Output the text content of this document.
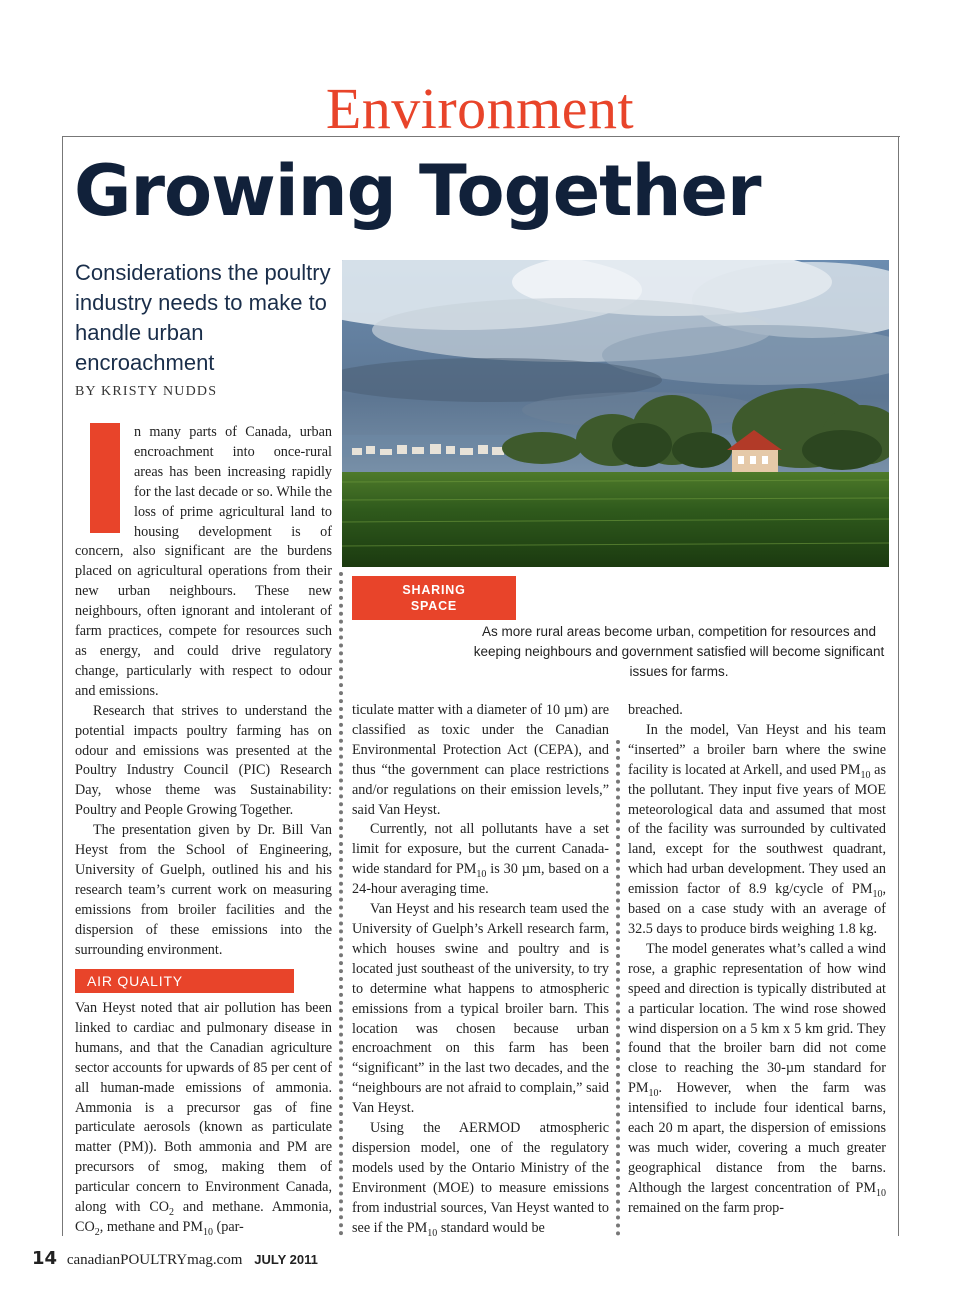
Environment
Growing Together
Considerations the poultry industry needs to make to handle urban encroachment
BY KRISTY NUDDS

n many parts of Canada, urban encroachment into once-rural areas has been increasing rapidly for the last decade or so. While the loss of prime agricultural land to housing development is of concern, also significant are the burdens placed on agricultural operations from their new urban neighbours. These new neighbours, often ignorant and intolerant of farm practices, compete for resources such as energy, and could drive regulatory change, particularly with respect to odour and emissions.

Research that strives to understand the potential impacts poultry farming has on odour and emissions was presented at the Poultry Industry Council (PIC) Research Day, whose theme was Sustainability: Poultry and People Growing Together.

The presentation given by Dr. Bill Van Heyst from the School of Engineering, University of Guelph, outlined his and his research team’s current work on measuring emissions from broiler facilities and the dispersion of these emissions into the surrounding environment.

AIR QUALITY

Van Heyst noted that air pollution has been linked to cardiac and pulmonary disease in humans, and that the Canadian agriculture sector accounts for upwards of 85 per cent of all human-made emissions of ammonia. Ammonia is a precursor gas of fine particulate aerosols (known as particulate matter (PM)). Both ammonia and PM are precursors of smog, making them of particular concern to Environment Canada, along with $CO_2$ and methane. Ammonia, $CO_2$, methane and $PM_{10}$ (par-

SHARING
SPACE
As more rural areas become urban, competition for resources and keeping neighbours and government satisfied will become significant issues for farms.

ticulate matter with a diameter of 10 µm) are classified as toxic under the Canadian Environmental Protection Act (CEPA), and thus “the government can place restrictions and/or regulations on their emission levels,” said Van Heyst.

Currently, not all pollutants have a set limit for exposure, but the current Canada-wide standard for $PM_{10}$ is 30 µm, based on a 24-hour averaging time.

Van Heyst and his research team used the University of Guelph’s Arkell research farm, which houses swine and poultry and is located just southeast of the university, to try to determine what happens to atmospheric emissions from a typical broiler barn. This location was chosen because urban encroachment on this farm has been “significant” in the last two decades, and the “neighbours are not afraid to complain,” said Van Heyst.

Using the AERMOD atmospheric dispersion model, one of the regulatory models used by the Ontario Ministry of the Environment (MOE) to measure emissions from industrial sources, Van Heyst wanted to see if the $PM_{10}$ standard would be

breached.

In the model, Van Heyst and his team “inserted” a broiler barn where the swine facility is located at Arkell, and used $PM_{10}$ as the pollutant. They input five years of MOE meteorological data and assumed that most of the facility was surrounded by cultivated land, except for the southwest quadrant, which had urban development. They used an emission factor of 8.9 kg/cycle of $PM_{10}$, based on a case study with an average of 32.5 days to produce birds weighing 1.8 kg.

The model generates what’s called a wind rose, a graphic representation of how wind speed and direction is typically distributed at a particular location. The wind rose showed wind dispersion on a 5 km x 5 km grid. They found that the broiler barn did not come close to reaching the 30-µm standard for $PM_{10}$. However, when the farm was intensified to include four identical barns, each 20 m apart, the dispersion of emissions was much wider, covering a much greater geographical distance from the barns. Although the largest concentration of $PM_{10}$ remained on the farm prop-

14 canadianPOULTRYmag.com JULY 2011
